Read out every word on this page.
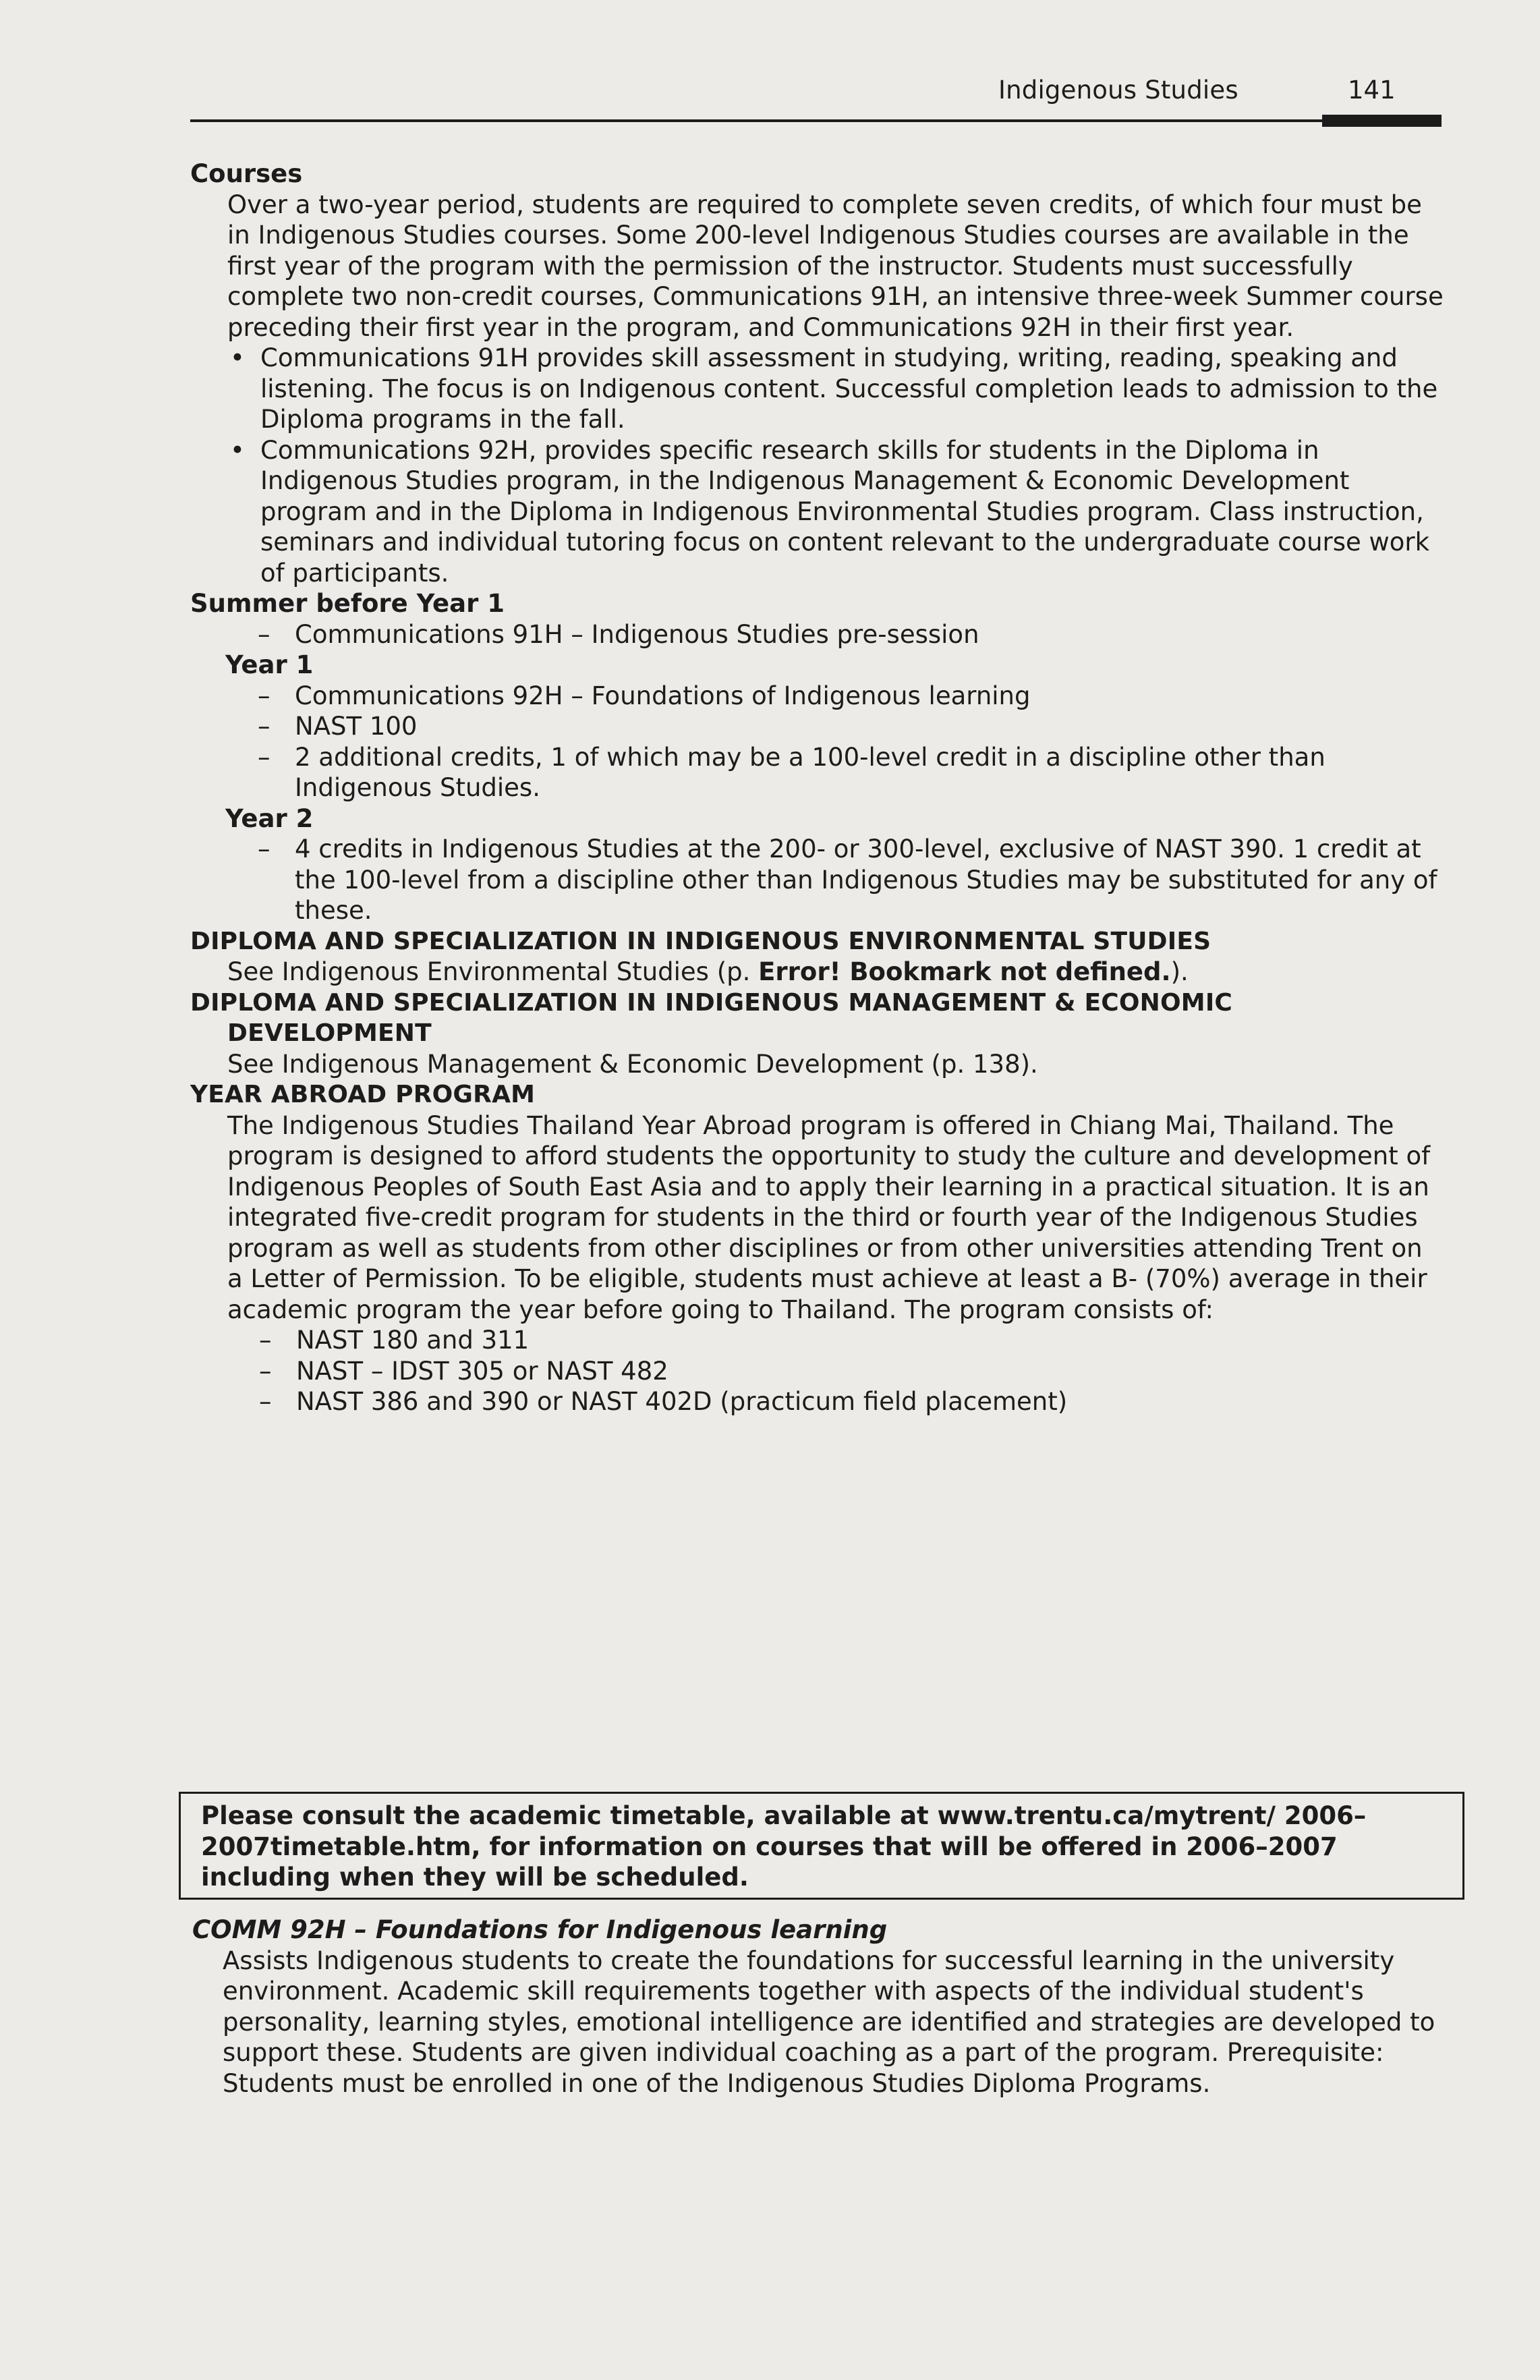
Indigenous Studies	141

Courses

Over a two-year period, students are required to complete seven credits, of which four must be in Indigenous Studies courses. Some 200-level Indigenous Studies courses are available in the first year of the program with the permission of the instructor. Students must successfully complete two non-credit courses, Communications 91H, an intensive three-week Summer course preceding their first year in the program, and Communications 92H in their first year.

• Communications 91H provides skill assessment in studying, writing, reading, speaking and listening. The focus is on Indigenous content. Successful completion leads to admission to the Diploma programs in the fall.
• Communications 92H, provides specific research skills for students in the Diploma in Indigenous Studies program, in the Indigenous Management & Economic Development program and in the Diploma in Indigenous Environmental Studies program. Class instruction, seminars and individual tutoring focus on content relevant to the undergraduate course work of participants.

Summer before Year 1

– Communications 91H – Indigenous Studies pre-session

Year 1

– Communications 92H – Foundations of Indigenous learning
– NAST 100
– 2 additional credits, 1 of which may be a 100-level credit in a discipline other than Indigenous Studies.

Year 2

– 4 credits in Indigenous Studies at the 200- or 300-level, exclusive of NAST 390. 1 credit at the 100-level from a discipline other than Indigenous Studies may be substituted for any of these.

DIPLOMA AND SPECIALIZATION IN INDIGENOUS ENVIRONMENTAL STUDIES

See Indigenous Environmental Studies (p. Error! Bookmark not defined.).

DIPLOMA AND SPECIALIZATION IN INDIGENOUS MANAGEMENT & ECONOMIC

DEVELOPMENT

See Indigenous Management & Economic Development (p. 138).

YEAR ABROAD PROGRAM

The Indigenous Studies Thailand Year Abroad program is offered in Chiang Mai, Thailand. The program is designed to afford students the opportunity to study the culture and development of Indigenous Peoples of South East Asia and to apply their learning in a practical situation. It is an integrated five-credit program for students in the third or fourth year of the Indigenous Studies program as well as students from other disciplines or from other universities attending Trent on a Letter of Permission. To be eligible, students must achieve at least a B- (70%) average in their academic program the year before going to Thailand. The program consists of:

– NAST 180 and 311
– NAST – IDST 305 or NAST 482
– NAST 386 and 390 or NAST 402D (practicum field placement)
Please consult the academic timetable, available at www.trentu.ca/mytrent/ 2006–2007timetable.htm, for information on courses that will be offered in 2006–2007 including when they will be scheduled.

COMM 92H – Foundations for Indigenous learning

Assists Indigenous students to create the foundations for successful learning in the university environment. Academic skill requirements together with aspects of the individual student's personality, learning styles, emotional intelligence are identified and strategies are developed to support these. Students are given individual coaching as a part of the program. Prerequisite: Students must be enrolled in one of the Indigenous Studies Diploma Programs.
